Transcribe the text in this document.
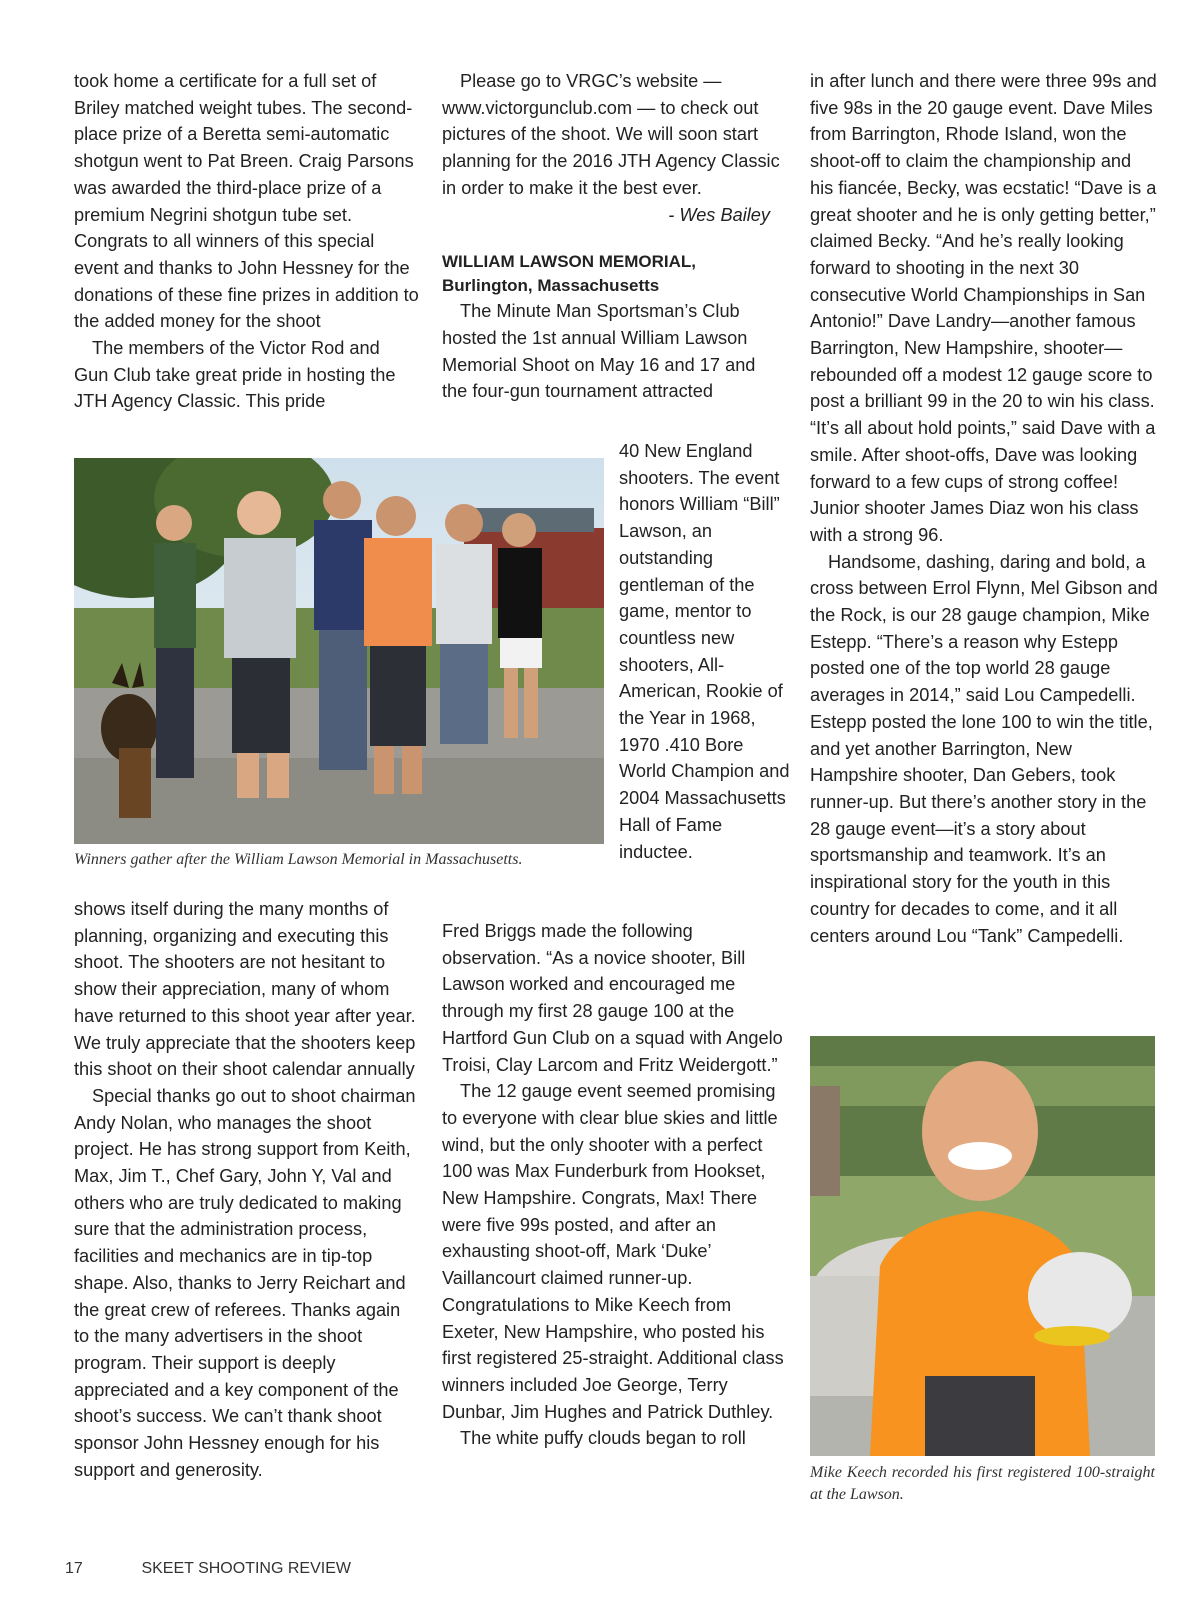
took home a certificate for a full set of Briley matched weight tubes. The second-place prize of a Beretta semi-automatic shotgun went to Pat Breen. Craig Parsons was awarded the third-place prize of a premium Negrini shotgun tube set. Congrats to all winners of this special event and thanks to John Hessney for the donations of these fine prizes in addition to the added money for the shoot

The members of the Victor Rod and Gun Club take great pride in hosting the JTH Agency Classic. This pride

Winners gather after the William Lawson Memorial in Massachusetts.

shows itself during the many months of planning, organizing and executing this shoot. The shooters are not hesitant to show their appreciation, many of whom have returned to this shoot year after year. We truly appreciate that the shooters keep this shoot on their shoot calendar annually

Special thanks go out to shoot chairman Andy Nolan, who manages the shoot project. He has strong support from Keith, Max, Jim T., Chef Gary, John Y, Val and others who are truly dedicated to making sure that the administration process, facilities and mechanics are in tip-top shape. Also, thanks to Jerry Reichart and the great crew of referees. Thanks again to the many advertisers in the shoot program. Their support is deeply appreciated and a key component of the shoot’s success. We can’t thank shoot sponsor John Hessney enough for his support and generosity.

Please go to VRGC’s website — www.victorgunclub.com — to check out pictures of the shoot. We will soon start planning for the 2016 JTH Agency Classic in order to make it the best ever.

- Wes Bailey

WILLIAM LAWSON MEMORIAL,

Burlington, Massachusetts

The Minute Man Sportsman’s Club hosted the 1st annual William Lawson Memorial Shoot on May 16 and 17 and the four-gun tournament attracted

40 New England shooters. The event honors William “Bill” Lawson, an outstanding gentleman of the game, mentor to countless new shooters, All-American, Rookie of the Year in 1968, 1970 .410 Bore World Champion and 2004 Massachusetts Hall of Fame inductee.

Fred Briggs made the following observation. “As a novice shooter, Bill Lawson worked and encouraged me through my first 28 gauge 100 at the Hartford Gun Club on a squad with Angelo Troisi, Clay Larcom and Fritz Weidergott.”

The 12 gauge event seemed promising to everyone with clear blue skies and little wind, but the only shooter with a perfect 100 was Max Funderburk from Hookset, New Hampshire. Congrats, Max! There were five 99s posted, and after an exhausting shoot-off, Mark ‘Duke’ Vaillancourt claimed runner-up. Congratulations to Mike Keech from Exeter, New Hampshire, who posted his first registered 25-straight. Additional class winners included Joe George, Terry Dunbar, Jim Hughes and Patrick Duthley.

The white puffy clouds began to roll

in after lunch and there were three 99s and five 98s in the 20 gauge event. Dave Miles from Barrington, Rhode Island, won the shoot-off to claim the championship and his fiancée, Becky, was ecstatic! “Dave is a great shooter and he is only getting better,” claimed Becky. “And he’s really looking forward to shooting in the next 30 consecutive World Championships in San Antonio!” Dave Landry—another famous Barrington, New Hampshire, shooter—rebounded off a modest 12 gauge score to post a brilliant 99 in the 20 to win his class. “It’s all about hold points,” said Dave with a smile. After shoot-offs, Dave was looking forward to a few cups of strong coffee! Junior shooter James Diaz won his class with a strong 96.

Handsome, dashing, daring and bold, a cross between Errol Flynn, Mel Gibson and the Rock, is our 28 gauge champion, Mike Estepp. “There’s a reason why Estepp posted one of the top world 28 gauge averages in 2014,” said Lou Campedelli. Estepp posted the lone 100 to win the title, and yet another Barrington, New Hampshire shooter, Dan Gebers, took runner-up. But there’s another story in the 28 gauge event—it’s a story about sportsmanship and teamwork. It’s an inspirational story for the youth in this country for decades to come, and it all centers around Lou “Tank” Campedelli.

Mike Keech recorded his first registered 100-straight at the Lawson.
17	SKEET SHOOTING REVIEW
